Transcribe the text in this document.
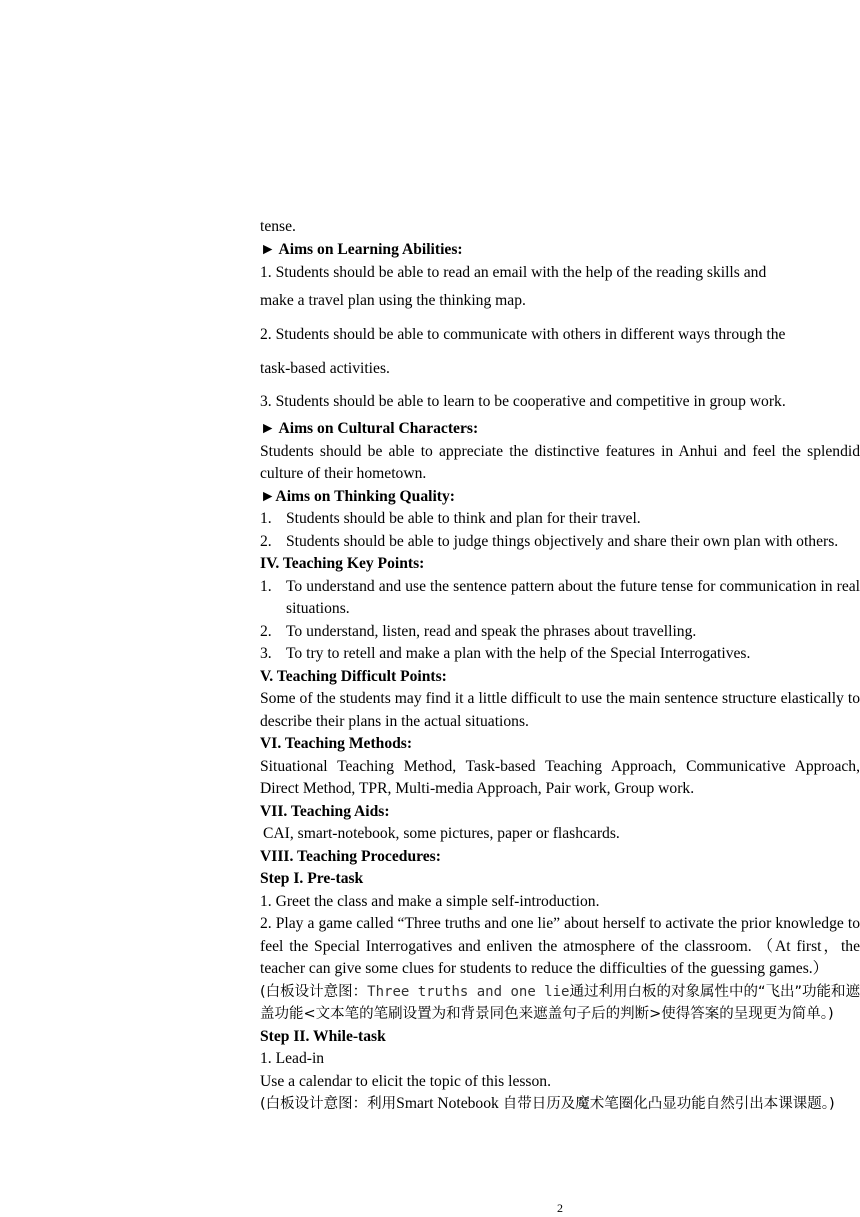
tense.

► Aims on Learning Abilities:

1. Students should be able to read an email with the help of the reading skills and

make a travel plan using the thinking map.

2. Students should be able to communicate with others in different ways through the

task-based activities.

3. Students should be able to learn to be cooperative and competitive in group work.

► Aims on Cultural Characters:

Students should be able to appreciate the distinctive features in Anhui and feel the splendid culture of their hometown.

►Aims on Thinking Quality:

1. Students should be able to think and plan for their travel.
2. Students should be able to judge things objectively and share their own plan with others.

IV. Teaching Key Points:

1. To understand and use the sentence pattern about the future tense for communication in real situations.
2. To understand, listen, read and speak the phrases about travelling.
3. To try to retell and make a plan with the help of the Special Interrogatives.

V. Teaching Difficult Points:

Some of the students may find it a little difficult to use the main sentence structure elastically to describe their plans in the actual situations.

VI. Teaching Methods:

Situational Teaching Method, Task-based Teaching Approach, Communicative Approach, Direct Method, TPR, Multi-media Approach, Pair work, Group work.

VII. Teaching Aids:

CAI, smart-notebook, some pictures, paper or flashcards.

VIII. Teaching Procedures:

Step I. Pre-task

1. Greet the class and make a simple self-introduction.

2. Play a game called “Three truths and one lie” about herself to activate the prior knowledge to feel the Special Interrogatives and enliven the atmosphere of the classroom. （At first，the teacher can give some clues for students to reduce the difficulties of the guessing games.）

(白板设计意图：Three truths and one lie通过利用白板的对象属性中的“飞出”功能和遮盖功能<文本笔的笔刷设置为和背景同色来遮盖句子后的判断>使得答案的呈现更为简单。)

Step II. While-task

1. Lead-in

Use a calendar to elicit the topic of this lesson.

(白板设计意图：利用Smart Notebook 自带日历及魔术笔圈化凸显功能自然引出本课课题。)

2
